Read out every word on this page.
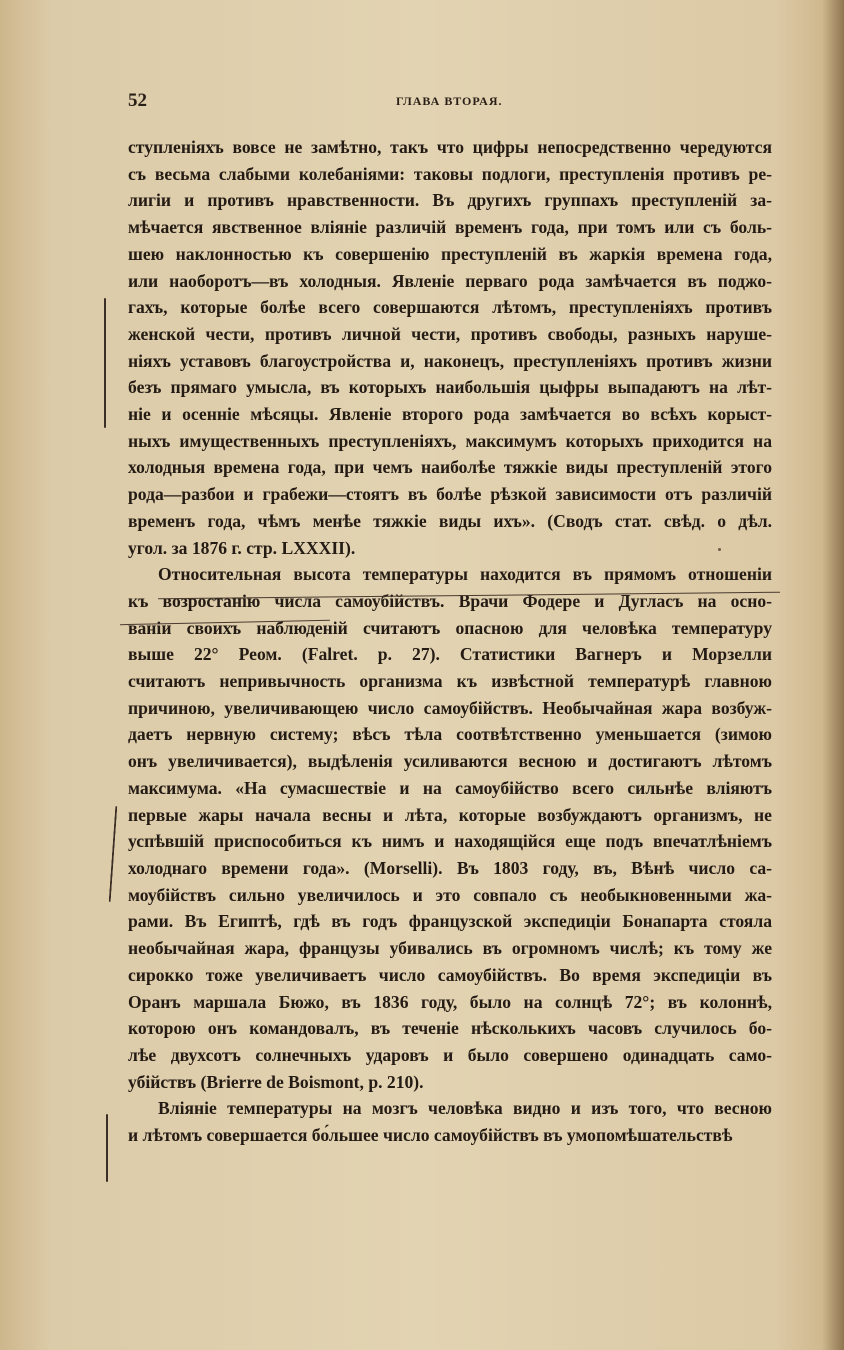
52	ГЛАВА ВТОРАЯ.
ступленіяхъ вовсе не замѣтно, такъ что цифры непосредственно чередуются
съ весьма слабыми колебаніями: таковы подлоги, преступленія противъ ре-
лигіи и противъ нравственности. Въ другихъ группахъ преступленій за-
мѣчается явственное вліяніе различій временъ года, при томъ или съ боль-
шею наклонностью къ совершенію преступленій въ жаркія времена года,
или наоборотъ—въ холодныя. Явленіе перваго рода замѣчается въ поджо-
гахъ, которые болѣе всего совершаются лѣтомъ, преступленіяхъ противъ
женской чести, противъ личной чести, противъ свободы, разныхъ наруше-
ніяхъ уставовъ благоустройства и, наконецъ, преступленіяхъ противъ жизни
безъ прямаго умысла, въ которыхъ наибольшія цыфры выпадаютъ на лѣт-
ніе и осенніе мѣсяцы. Явленіе второго рода замѣчается во всѣхъ корыст-
ныхъ имущественныхъ преступленіяхъ, максимумъ которыхъ приходится на
холодныя времена года, при чемъ наиболѣе тяжкіе виды преступленій этого
рода—разбои и грабежи—стоятъ въ болѣе рѣзкой зависимости отъ различій
временъ года, чѣмъ менѣе тяжкіе виды ихъ». (Сводъ стат. свѣд. о дѣл.
угол. за 1876 г. стр. LXXXII).
Относительная высота температуры находится въ прямомъ отношеніи
къ возростанію числа самоубійствъ. Врачи Фодере и Дугласъ на осно-
ваніи своихъ наблюденій считаютъ опасною для человѣка температуру
выше 22° Реом. (Falret. p. 27). Статистики Вагнеръ и Морзелли
считаютъ непривычность организма къ извѣстной температурѣ главною
причиною, увеличивающею число самоубійствъ. Необычайная жара возбуж-
даетъ нервную систему; вѣсъ тѣла соотвѣтственно уменьшается (зимою
онъ увеличивается), выдѣленія усиливаются весною и достигаютъ лѣтомъ
максимума. «На сумасшествіе и на самоубійство всего сильнѣе вліяютъ
первые жары начала весны и лѣта, которые возбуждаютъ организмъ, не
успѣвшій приспособиться къ нимъ и находящійся еще подъ впечатлѣніемъ
холоднаго времени года». (Morselli). Въ 1803 году, въ, Вѣнѣ число са-
моубійствъ сильно увеличилось и это совпало съ необыкновенными жа-
рами. Въ Египтѣ, гдѣ въ годъ французской экспедиціи Бонапарта стояла
необычайная жара, французы убивались въ огромномъ числѣ; къ тому же
сирокко тоже увеличиваетъ число самоубійствъ. Во время экспедиціи въ
Оранъ маршала Бюжо, въ 1836 году, было на солнцѣ 72°; въ колоннѣ,
которою онъ командовалъ, въ теченіе нѣсколькихъ часовъ случилось бо-
лѣе двухсотъ солнечныхъ ударовъ и было совершено одинадцать само-
убійствъ (Brierre de Boismont, p. 210).
Вліяніе температуры на мозгъ человѣка видно и изъ того, что весною
и лѣтомъ совершается бо́льшее число самоубійствъ въ умопомѣшательствѣ
